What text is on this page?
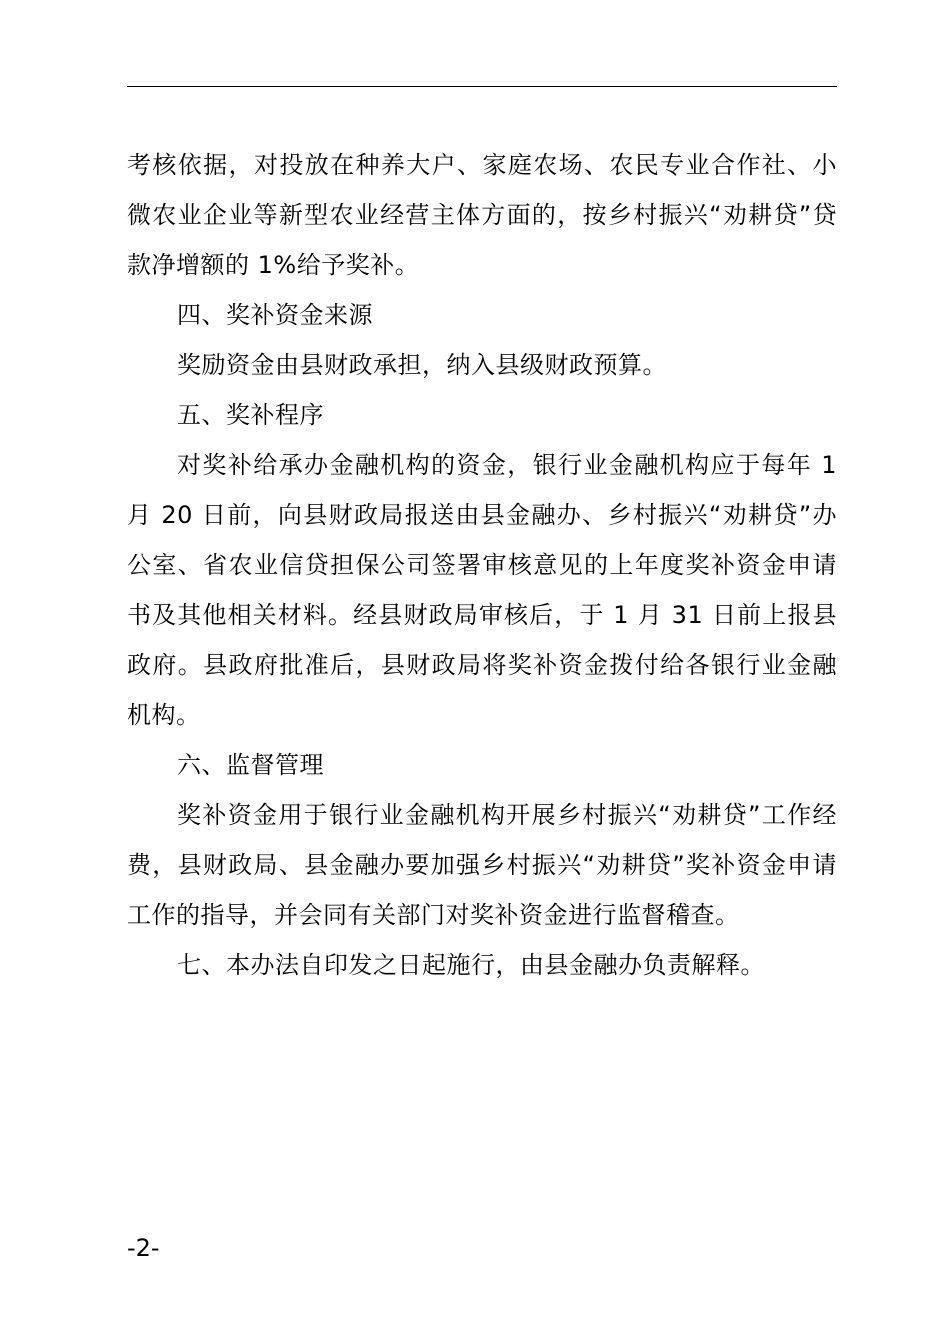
考核依据，对投放在种养大户、家庭农场、农民专业合作社、小微农业企业等新型农业经营主体方面的，按乡村振兴“劝耕贷”贷款净增额的 1%给予奖补。

四、奖补资金来源

奖励资金由县财政承担，纳入县级财政预算。

五、奖补程序

对奖补给承办金融机构的资金，银行业金融机构应于每年 1 月 20 日前，向县财政局报送由县金融办、乡村振兴“劝耕贷”办公室、省农业信贷担保公司签署审核意见的上年度奖补资金申请书及其他相关材料。经县财政局审核后，于 1 月 31 日前上报县政府。县政府批准后，县财政局将奖补资金拨付给各银行业金融机构。

六、监督管理

奖补资金用于银行业金融机构开展乡村振兴“劝耕贷”工作经费，县财政局、县金融办要加强乡村振兴“劝耕贷”奖补资金申请工作的指导，并会同有关部门对奖补资金进行监督稽查。

七、本办法自印发之日起施行，由县金融办负责解释。

-2-
